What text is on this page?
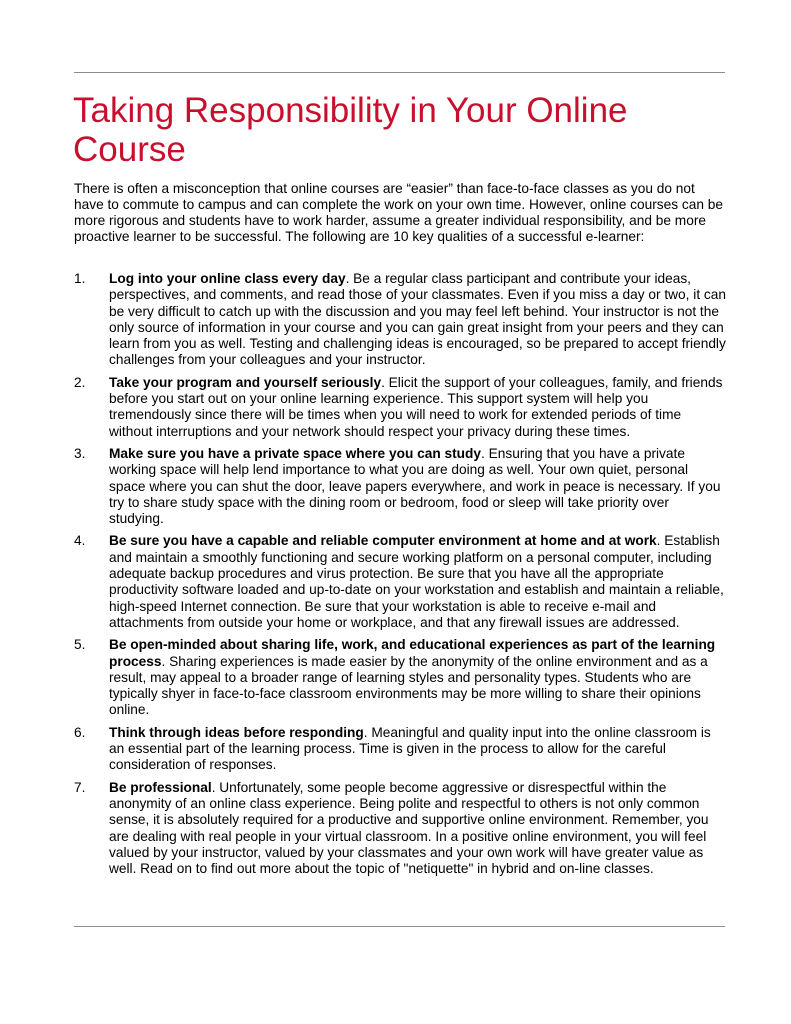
Taking Responsibility in Your Online Course

There is often a misconception that online courses are “easier” than face-to-face classes as you do not have to commute to campus and can complete the work on your own time. However, online courses can be more rigorous and students have to work harder, assume a greater individual responsibility, and be more proactive learner to be successful. The following are 10 key qualities of a successful e-learner:

1. Log into your online class every day. Be a regular class participant and contribute your ideas, perspectives, and comments, and read those of your classmates. Even if you miss a day or two, it can be very difficult to catch up with the discussion and you may feel left behind. Your instructor is not the only source of information in your course and you can gain great insight from your peers and they can learn from you as well. Testing and challenging ideas is encouraged, so be prepared to accept friendly challenges from your colleagues and your instructor.
2. Take your program and yourself seriously. Elicit the support of your colleagues, family, and friends before you start out on your online learning experience. This support system will help you tremendously since there will be times when you will need to work for extended periods of time without interruptions and your network should respect your privacy during these times.
3. Make sure you have a private space where you can study. Ensuring that you have a private working space will help lend importance to what you are doing as well. Your own quiet, personal space where you can shut the door, leave papers everywhere, and work in peace is necessary. If you try to share study space with the dining room or bedroom, food or sleep will take priority over studying.
4. Be sure you have a capable and reliable computer environment at home and at work. Establish and maintain a smoothly functioning and secure working platform on a personal computer, including adequate backup procedures and virus protection. Be sure that you have all the appropriate productivity software loaded and up-to-date on your workstation and establish and maintain a reliable, high-speed Internet connection. Be sure that your workstation is able to receive e-mail and attachments from outside your home or workplace, and that any firewall issues are addressed.
5. Be open-minded about sharing life, work, and educational experiences as part of the learning process. Sharing experiences is made easier by the anonymity of the online environment and as a result, may appeal to a broader range of learning styles and personality types. Students who are typically shyer in face-to-face classroom environments may be more willing to share their opinions online.
6. Think through ideas before responding. Meaningful and quality input into the online classroom is an essential part of the learning process. Time is given in the process to allow for the careful consideration of responses.
7. Be professional. Unfortunately, some people become aggressive or disrespectful within the anonymity of an online class experience. Being polite and respectful to others is not only common sense, it is absolutely required for a productive and supportive online environment. Remember, you are dealing with real people in your virtual classroom. In a positive online environment, you will feel valued by your instructor, valued by your classmates and your own work will have greater value as well. Read on to find out more about the topic of "netiquette" in hybrid and on-line classes.
